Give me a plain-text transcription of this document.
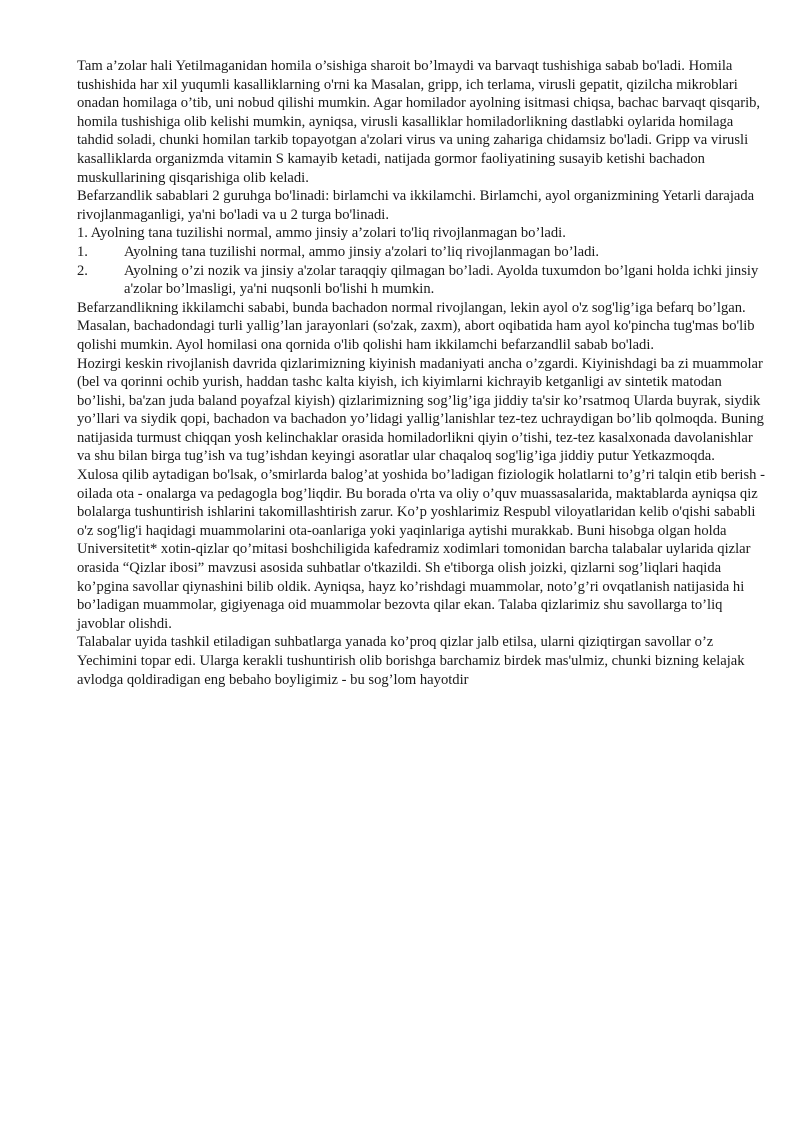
Tam a’zolar hali Yetilmaganidan homila o’sishiga sharoit bo’lmaydi va barvaqt tushishiga sabab bo'ladi. Homila tushishida har xil yuqumli kasalliklarning o'rni ka Masalan, gripp, ich terlama, virusli gepatit, qizilcha mikroblari onadan homilaga o’tib, uni nobud qilishi mumkin. Agar homilador ayolning isitmasi chiqsa, bachac barvaqt qisqarib, homila tushishiga olib kelishi mumkin, ayniqsa, virusli kasalliklar homiladorlikning dastlabki oylarida homilaga tahdid soladi, chunki homilan tarkib topayotgan a'zolari virus va uning zahariga chidamsiz bo'ladi. Gripp va virusli kasalliklarda organizmda vitamin S kamayib ketadi, natijada gormor faoliyatining susayib ketishi bachadon muskullarining qisqarishiga olib keladi.

Befarzandlik sabablari 2 guruhga bo'linadi: birlamchi va ikkilamchi. Birlamchi, ayol organizmining Yetarli darajada rivojlanmaganligi, ya'ni bo'ladi va u 2 turga bo'linadi.

1. Ayolning tana tuzilishi normal, ammo jinsiy a’zolari to'liq rivojlanmagan bo’ladi.

1. Ayolning tana tuzilishi normal, ammo jinsiy a'zolari to’liq rivojlanmagan bo’ladi.

2. Ayolning o’zi nozik va jinsiy a'zolar taraqqiy qilmagan bo’ladi. Ayolda tuxumdon bo’lgani holda ichki jinsiy a'zolar bo’lmasligi, ya'ni nuqsonli bo'lishi h mumkin.

Befarzandlikning ikkilamchi sababi, bunda bachadon normal rivojlangan, lekin ayol o'z sog'lig’iga befarq bo’lgan. Masalan, bachadondagi turli yallig’lan jarayonlari (so'zak, zaxm), abort oqibatida ham ayol ko'pincha tug'mas bo'lib qolishi mumkin. Ayol homilasi ona qornida o'lib qolishi ham ikkilamchi befarzandlil sabab bo'ladi.

Hozirgi keskin rivojlanish davrida qizlarimizning kiyinish madaniyati ancha o’zgardi. Kiyinishdagi ba zi muammolar (bel va qorinni ochib yurish, haddan tashc kalta kiyish, ich kiyimlarni kichrayib ketganligi av sintetik matodan bo’lishi, ba'zan juda baland poyafzal kiyish) qizlarimizning sog’lig’iga jiddiy ta'sir ko’rsatmoq Ularda buyrak, siydik yo’llari va siydik qopi, bachadon va bachadon yo’lidagi yallig’lanishlar tez-tez uchraydigan bo’lib qolmoqda. Buning natijasida turmust chiqqan yosh kelinchaklar orasida homiladorlikni qiyin o’tishi, tez-tez kasalxonada davolanishlar va shu bilan birga tug’ish va tug’ishdan keyingi asoratlar ular chaqaloq sog'lig’iga jiddiy putur Yetkazmoqda.

Xulosa qilib aytadigan bo'lsak, o’smirlarda balog’at yoshida bo’ladigan fiziologik holatlarni to’g’ri talqin etib berish - oilada ota - onalarga va pedagogla bog’liqdir. Bu borada o'rta va oliy o’quv muassasalarida, maktablarda ayniqsa qiz bolalarga tushuntirish ishlarini takomillashtirish zarur. Ko’p yoshlarimiz Respubl viloyatlaridan kelib o'qishi sababli o'z sog'lig'i haqidagi muammolarini ota-oanlariga yoki yaqinlariga aytishi murakkab. Buni hisobga olgan holda Universitetit* xotin-qizlar qo’mitasi boshchiligida kafedramiz xodimlari tomonidan barcha talabalar uylarida qizlar orasida “Qizlar ibosi” mavzusi asosida suhbatlar o'tkazildi. Sh e'tiborga olish joizki, qizlarni sog’liqlari haqida ko’pgina savollar qiynashini bilib oldik. Ayniqsa, hayz ko’rishdagi muammolar, noto’g’ri ovqatlanish natijasida hi bo’ladigan muammolar, gigiyenaga oid muammolar bezovta qilar ekan. Talaba qizlarimiz shu savollarga to’liq javoblar olishdi.

Talabalar uyida tashkil etiladigan suhbatlarga yanada ko’proq qizlar jalb etilsa, ularni qiziqtirgan savollar o’z Yechimini topar edi. Ularga kerakli tushuntirish olib borishga barchamiz birdek mas'ulmiz, chunki bizning kelajak avlodga qoldiradigan eng bebaho boyligimiz - bu sog’lom hayotdir
